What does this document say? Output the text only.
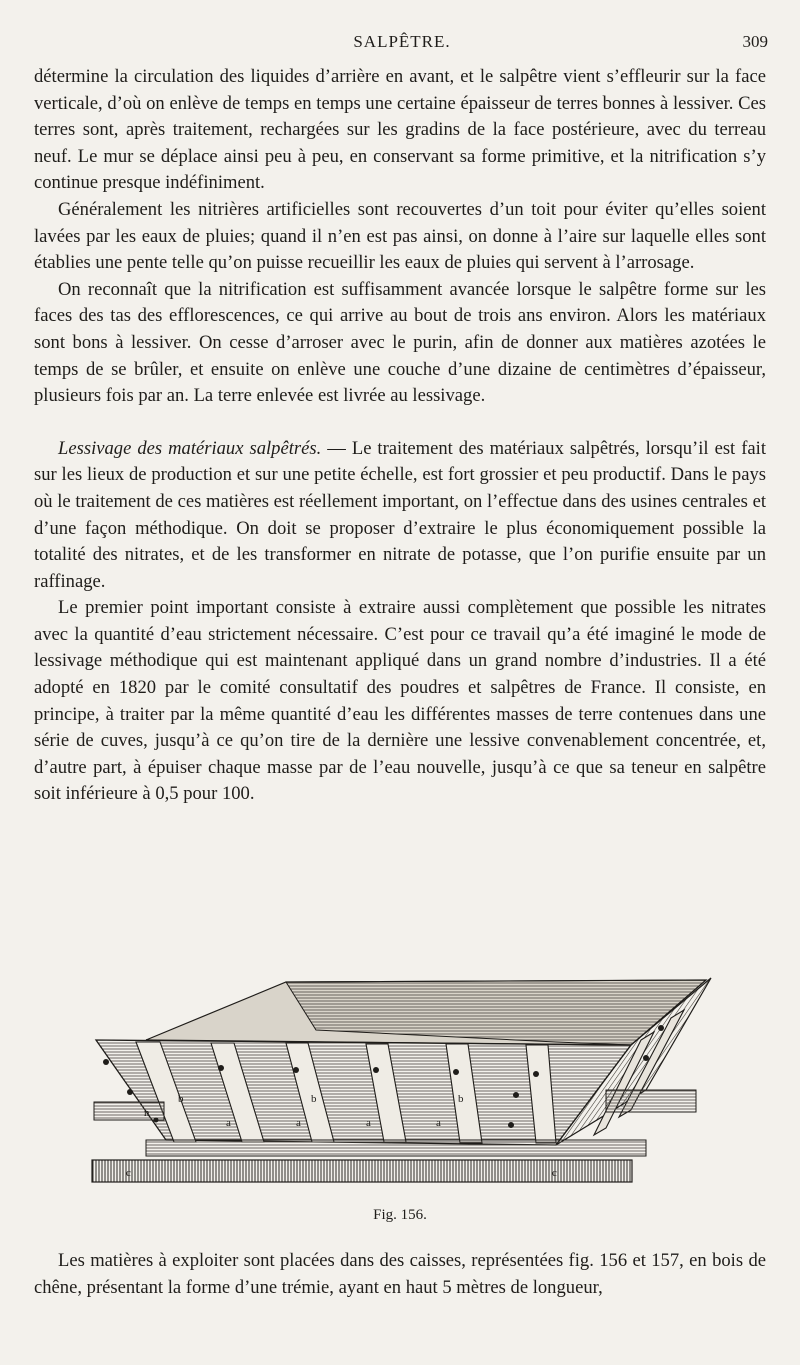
SALPÊTRE.	309

détermine la circulation des liquides d’arrière en avant, et le salpêtre vient s’effleurir sur la face verticale, d’où on enlève de temps en temps une certaine épaisseur de terres bonnes à lessiver. Ces terres sont, après traitement, rechargées sur les gradins de la face postérieure, avec du terreau neuf. Le mur se déplace ainsi peu à peu, en conservant sa forme primitive, et la nitrification s’y continue presque indéfiniment.

Généralement les nitrières artificielles sont recouvertes d’un toit pour éviter qu’elles soient lavées par les eaux de pluies; quand il n’en est pas ainsi, on donne à l’aire sur laquelle elles sont établies une pente telle qu’on puisse recueillir les eaux de pluies qui servent à l’arrosage.

On reconnaît que la nitrification est suffisamment avancée lorsque le salpêtre forme sur les faces des tas des efflorescences, ce qui arrive au bout de trois ans environ. Alors les matériaux sont bons à lessiver. On cesse d’arroser avec le purin, afin de donner aux matières azotées le temps de se brûler, et ensuite on enlève une couche d’une dizaine de centimètres d’épaisseur, plusieurs fois par an. La terre enlevée est livrée au lessivage.

Lessivage des matériaux salpêtrés. — Le traitement des matériaux salpêtrés, lorsqu’il est fait sur les lieux de production et sur une petite échelle, est fort grossier et peu productif. Dans le pays où le traitement de ces matières est réellement important, on l’effectue dans des usines centrales et d’une façon méthodique. On doit se proposer d’extraire le plus économiquement possible la totalité des nitrates, et de les transformer en nitrate de potasse, que l’on purifie ensuite par un raffinage.

Le premier point important consiste à extraire aussi complètement que possible les nitrates avec la quantité d’eau strictement nécessaire. C’est pour ce travail qu’a été imaginé le mode de lessivage méthodique qui est maintenant appliqué dans un grand nombre d’industries. Il a été adopté en 1820 par le comité consultatif des poudres et salpêtres de France. Il consiste, en principe, à traiter par la même quantité d’eau les différentes masses de terre contenues dans une série de cuves, jusqu’à ce qu’on tire de la dernière une lessive convenablement concentrée, et, d’autre part, à épuiser chaque masse par de l’eau nouvelle, jusqu’à ce que sa teneur en salpêtre soit inférieure à 0,5 pour 100.

b	b	b
n
a	a	a	a
c	c
Fig. 156.

Les matières à exploiter sont placées dans des caisses, représentées fig. 156 et 157, en bois de chêne, présentant la forme d’une trémie, ayant en haut 5 mètres de longueur,
